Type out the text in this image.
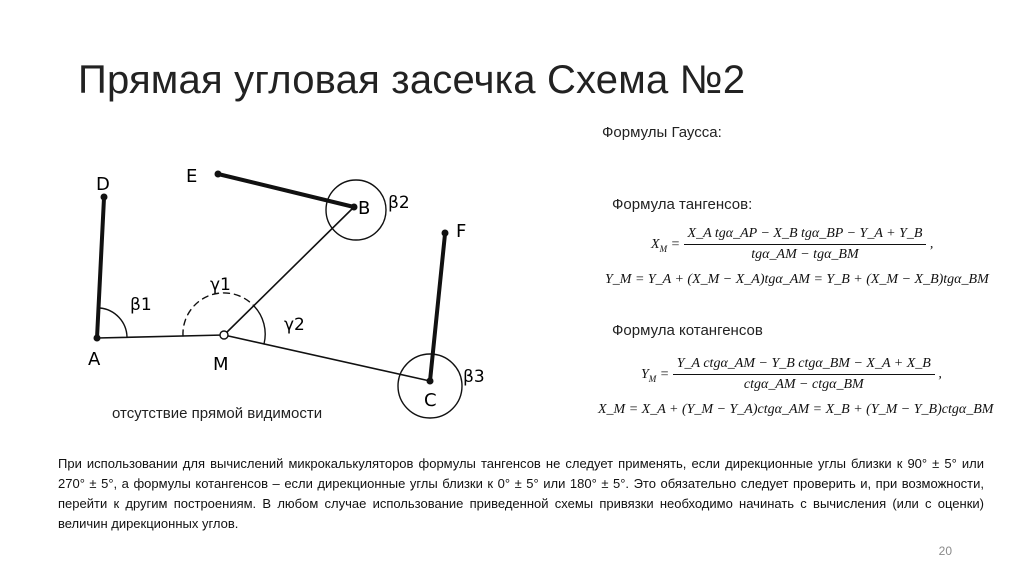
Прямая угловая засечка Схема №2
D	E
B
F
A	M
C
β1
β2
β3
γ1
γ2
отсутствие прямой видимости
Формулы Гаусса:
Формула тангенсов:
Формула котангенсов
$X_M = \frac{\text{X\_A tgα\_AP − X\_B tgα\_BP − Y\_A + Y\_B}}{\text{tgα\_AM − tgα\_BM}}$ ,
Y_M = Y_A + (X_M − X_A)tgα_AM = Y_B + (X_M − X_B)tgα_BM
$Y_M = \frac{\text{Y\_A ctgα\_AM − Y\_B ctgα\_BM − X\_A + X\_B}}{\text{ctgα\_AM − ctgα\_BM}}$ ,
X_M = X_A + (Y_M − Y_A)ctgα_AM = X_B + (Y_M − Y_B)ctgα_BM
При использовании для вычислений микрокалькуляторов формулы тангенсов не следует применять, если дирекционные углы близки к 90° ± 5° или 270° ± 5°, а формулы котангенсов – если дирекционные углы близки к 0° ± 5° или 180° ± 5°. Это обязательно следует проверить и, при возможности, перейти к другим построениям. В любом случае использование приведенной схемы привязки необходимо начинать с вычисления (или с оценки) величин дирекционных углов.
20
